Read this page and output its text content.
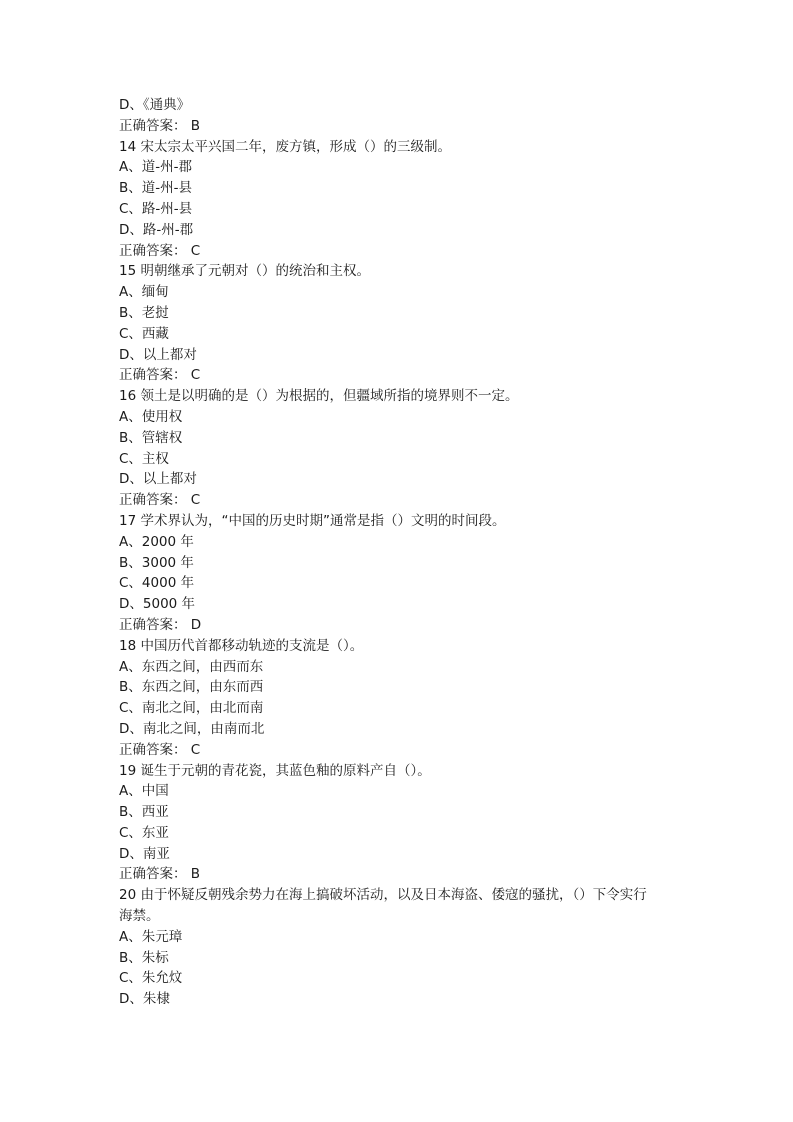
D、《通典》
正确答案： B
14 宋太宗太平兴国二年，废方镇，形成（）的三级制。
A、道-州-郡
B、道-州-县
C、路-州-县
D、路-州-郡
正确答案： C
15 明朝继承了元朝对（）的统治和主权。
A、缅甸
B、老挝
C、西藏
D、以上都对
正确答案： C
16 领土是以明确的是（）为根据的，但疆域所指的境界则不一定。
A、使用权
B、管辖权
C、主权
D、以上都对
正确答案： C
17 学术界认为，“中国的历史时期”通常是指（）文明的时间段。
A、2000 年
B、3000 年
C、4000 年
D、5000 年
正确答案： D
18 中国历代首都移动轨迹的支流是（）。
A、东西之间，由西而东
B、东西之间，由东而西
C、南北之间，由北而南
D、南北之间，由南而北
正确答案： C
19 诞生于元朝的青花瓷，其蓝色釉的原料产自（）。
A、中国
B、西亚
C、东亚
D、南亚
正确答案： B
20 由于怀疑反朝残余势力在海上搞破坏活动，以及日本海盗、倭寇的骚扰，（）下令实行
海禁。
A、朱元璋
B、朱标
C、朱允炆
D、朱棣
